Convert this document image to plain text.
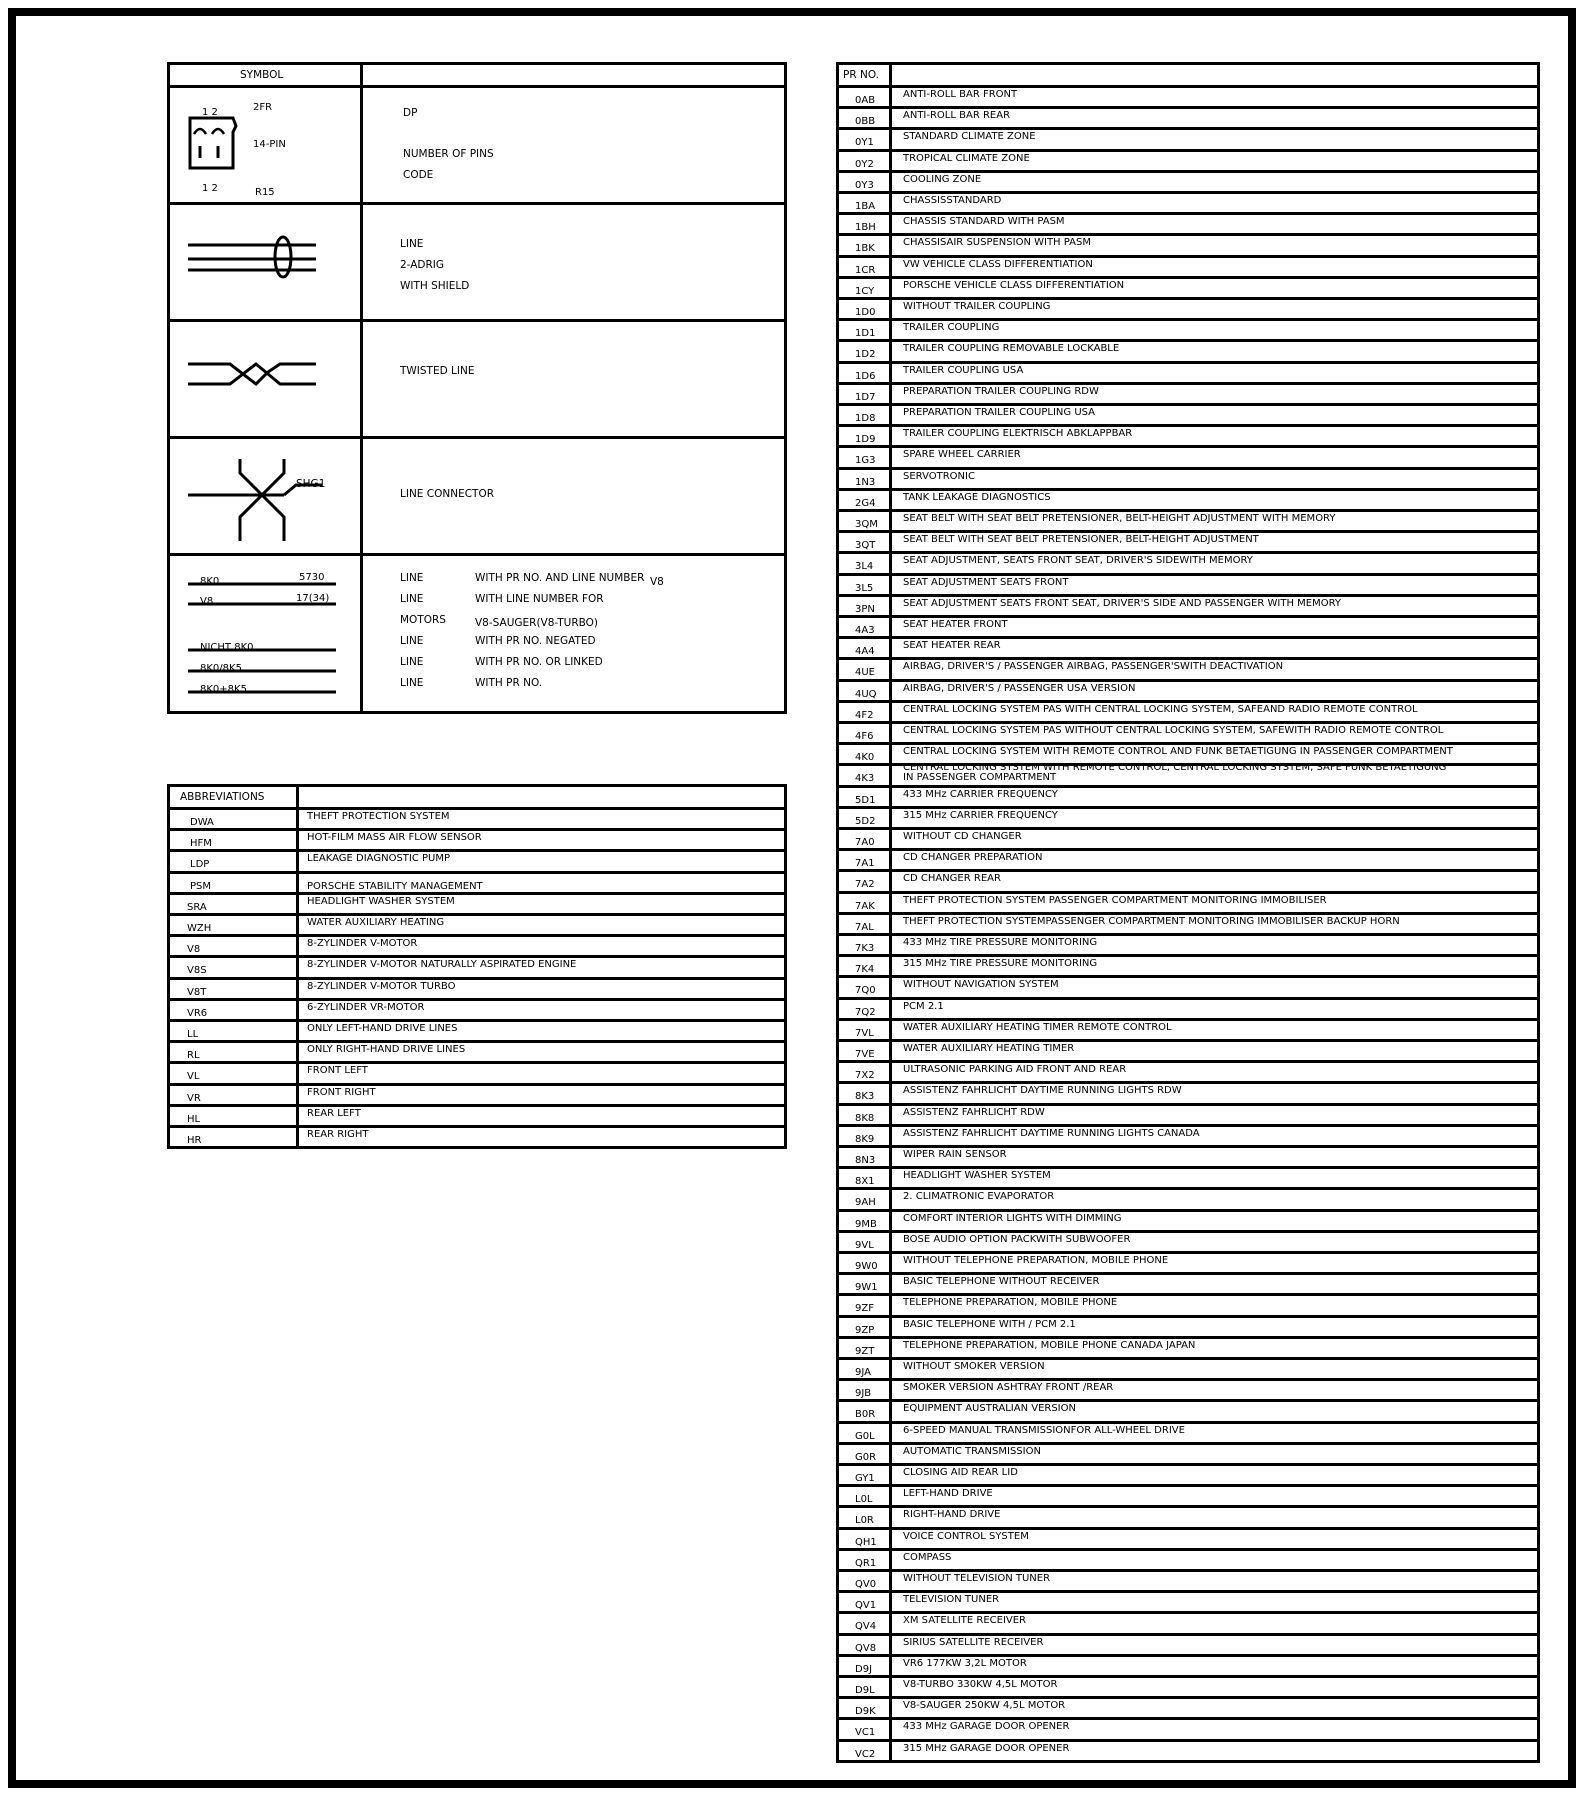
SYMBOL
1 2
1 2
2FR
14-PIN
R15
DP
NUMBER OF PINS
CODE
LINE
2-ADRIG
WITH SHIELD
TWISTED LINE
SHG1
LINE CONNECTOR
8K0
V8
NICHT 8K0
8K0/8K5
8K0+8K5
5730
17(34)
LINE
LINE
MOTORS
LINE
LINE
LINE
WITH PR NO. AND LINE NUMBER
WITH LINE NUMBER FOR
V8-SAUGER(V8-TURBO)
WITH PR NO. NEGATED
WITH PR NO. OR LINKED
WITH PR NO.
V8
ABBREVIATIONS
DWA
THEFT PROTECTION SYSTEM
HFM
HOT-FILM MASS AIR FLOW SENSOR
LDP
LEAKAGE DIAGNOSTIC PUMP
PSM	PORSCHE STABILITY MANAGEMENT
SRA
HEADLIGHT WASHER SYSTEM
WZH
WATER AUXILIARY HEATING
V8
8-ZYLINDER V-MOTOR
V8S
8-ZYLINDER V-MOTOR NATURALLY ASPIRATED ENGINE
V8T
8-ZYLINDER V-MOTOR TURBO
VR6
6-ZYLINDER VR-MOTOR
LL
ONLY LEFT-HAND DRIVE LINES
RL
ONLY RIGHT-HAND DRIVE LINES
VL
FRONT LEFT
VR
FRONT RIGHT
HL
REAR LEFT
HR
REAR RIGHT
PR NO.
0AB
ANTI-ROLL BAR FRONT
0BB
ANTI-ROLL BAR REAR
0Y1
STANDARD CLIMATE ZONE
0Y2
TROPICAL CLIMATE ZONE
0Y3
COOLING ZONE
1BA
CHASSISSTANDARD
1BH
CHASSIS STANDARD WITH PASM
1BK
CHASSISAIR SUSPENSION WITH PASM
1CR
VW VEHICLE CLASS DIFFERENTIATION
1CY
PORSCHE VEHICLE CLASS DIFFERENTIATION
1D0
WITHOUT TRAILER COUPLING
1D1
TRAILER COUPLING
1D2
TRAILER COUPLING REMOVABLE LOCKABLE
1D6
TRAILER COUPLING USA
1D7
PREPARATION TRAILER COUPLING RDW
1D8
PREPARATION TRAILER COUPLING USA
1D9
TRAILER COUPLING ELEKTRISCH ABKLAPPBAR
1G3
SPARE WHEEL CARRIER
1N3
SERVOTRONIC
2G4
TANK LEAKAGE DIAGNOSTICS
3QM
SEAT BELT WITH SEAT BELT PRETENSIONER, BELT-HEIGHT ADJUSTMENT WITH MEMORY
3QT
SEAT BELT WITH SEAT BELT PRETENSIONER, BELT-HEIGHT ADJUSTMENT
3L4
SEAT ADJUSTMENT, SEATS FRONT SEAT, DRIVER'S SIDEWITH MEMORY
3L5
SEAT ADJUSTMENT SEATS FRONT
3PN
SEAT ADJUSTMENT SEATS FRONT SEAT, DRIVER'S SIDE AND PASSENGER WITH MEMORY
4A3
SEAT HEATER FRONT
4A4
SEAT HEATER REAR
4UE
AIRBAG, DRIVER'S / PASSENGER AIRBAG, PASSENGER'SWITH DEACTIVATION
4UQ
AIRBAG, DRIVER'S / PASSENGER USA VERSION
4F2
CENTRAL LOCKING SYSTEM PAS WITH CENTRAL LOCKING SYSTEM, SAFEAND RADIO REMOTE CONTROL
4F6
CENTRAL LOCKING SYSTEM PAS WITHOUT CENTRAL LOCKING SYSTEM, SAFEWITH RADIO REMOTE CONTROL
4K0
CENTRAL LOCKING SYSTEM WITH REMOTE CONTROL AND FUNK BETAETIGUNG IN PASSENGER COMPARTMENT
4K3
CENTRAL LOCKING SYSTEM WITH REMOTE CONTROL, CENTRAL LOCKING SYSTEM, SAFE FUNK BETAETIGUNG
IN PASSENGER COMPARTMENT
5D1
433 MHz CARRIER FREQUENCY
5D2
315 MHz CARRIER FREQUENCY
7A0
WITHOUT CD CHANGER
7A1
CD CHANGER PREPARATION
7A2
CD CHANGER REAR
7AK
THEFT PROTECTION SYSTEM PASSENGER COMPARTMENT MONITORING IMMOBILISER
7AL
THEFT PROTECTION SYSTEMPASSENGER COMPARTMENT MONITORING IMMOBILISER BACKUP HORN
7K3
433 MHz TIRE PRESSURE MONITORING
7K4
315 MHz TIRE PRESSURE MONITORING
7Q0
WITHOUT NAVIGATION SYSTEM
7Q2
PCM 2.1
7VL
WATER AUXILIARY HEATING TIMER REMOTE CONTROL
7VE
WATER AUXILIARY HEATING TIMER
7X2
ULTRASONIC PARKING AID FRONT AND REAR
8K3
ASSISTENZ FAHRLICHT DAYTIME RUNNING LIGHTS RDW
8K8
ASSISTENZ FAHRLICHT RDW
8K9
ASSISTENZ FAHRLICHT DAYTIME RUNNING LIGHTS CANADA
8N3
WIPER RAIN SENSOR
8X1
HEADLIGHT WASHER SYSTEM
9AH
2. CLIMATRONIC EVAPORATOR
9MB
COMFORT INTERIOR LIGHTS WITH DIMMING
9VL
BOSE AUDIO OPTION PACKWITH SUBWOOFER
9W0
WITHOUT TELEPHONE PREPARATION, MOBILE PHONE
9W1
BASIC TELEPHONE WITHOUT RECEIVER
9ZF
TELEPHONE PREPARATION, MOBILE PHONE
9ZP
BASIC TELEPHONE WITH / PCM 2.1
9ZT
TELEPHONE PREPARATION, MOBILE PHONE CANADA JAPAN
9JA
WITHOUT SMOKER VERSION
9JB
SMOKER VERSION ASHTRAY FRONT /REAR
B0R
EQUIPMENT AUSTRALIAN VERSION
G0L
6-SPEED MANUAL TRANSMISSIONFOR ALL-WHEEL DRIVE
G0R
AUTOMATIC TRANSMISSION
GY1
CLOSING AID REAR LID
L0L
LEFT-HAND DRIVE
L0R
RIGHT-HAND DRIVE
QH1
VOICE CONTROL SYSTEM
QR1
COMPASS
QV0
WITHOUT TELEVISION TUNER
QV1
TELEVISION TUNER
QV4
XM SATELLITE RECEIVER
QV8
SIRIUS SATELLITE RECEIVER
D9J
VR6 177KW 3,2L MOTOR
D9L
V8-TURBO 330KW 4,5L MOTOR
D9K
V8-SAUGER 250KW 4,5L MOTOR
VC1
433 MHz GARAGE DOOR OPENER
VC2
315 MHz GARAGE DOOR OPENER
